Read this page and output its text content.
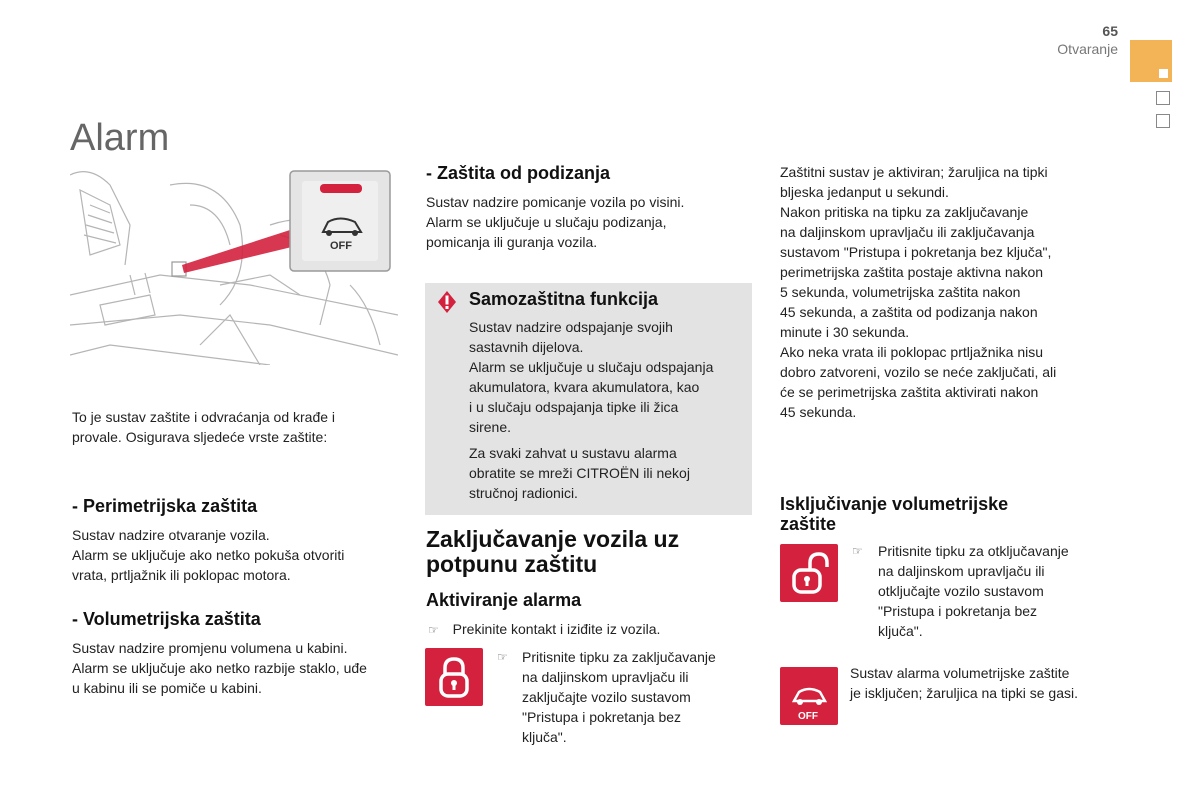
65
Otvaranje
Alarm
OFF
To je sustav zaštite i odvraćanja od krađe i
provale. Osigurava sljedeće vrste zaštite:
- Perimetrijska zaštita
Sustav nadzire otvaranje vozila.
Alarm se uključuje ako netko pokuša otvoriti
vrata, prtljažnik ili poklopac motora.
- Volumetrijska zaštita
Sustav nadzire promjenu volumena u kabini.
Alarm se uključuje ako netko razbije staklo, uđe
u kabinu ili se pomiče u kabini.
- Zaštita od podizanja
Sustav nadzire pomicanje vozila po visini.
Alarm se uključuje u slučaju podizanja,
pomicanja ili guranja vozila.
Samozaštitna funkcija
Sustav nadzire odspajanje svojih
sastavnih dijelova.
Alarm se uključuje u slučaju odspajanja
akumulatora, kvara akumulatora, kao
i u slučaju odspajanja tipke ili žica
sirene.
Za svaki zahvat u sustavu alarma
obratite se mreži CITROËN ili nekoj
stručnoj radionici.
Zaključavanje vozila uz
potpunu zaštitu
Aktiviranje alarma
☞ Prekinite kontakt i iziđite iz vozila.
☞ Pritisnite tipku za zaključavanje
na daljinskom upravljaču ili
zaključajte vozilo sustavom
"Pristupa i pokretanja bez
ključa".
Zaštitni sustav je aktiviran; žaruljica na tipki
bljeska jedanput u sekundi.
Nakon pritiska na tipku za zaključavanje
na daljinskom upravljaču ili zaključavanja
sustavom "Pristupa i pokretanja bez ključa",
perimetrijska zaštita postaje aktivna nakon
5 sekunda, volumetrijska zaštita nakon
45 sekunda, a zaštita od podizanja nakon
minute i 30 sekunda.
Ako neka vrata ili poklopac prtljažnika nisu
dobro zatvoreni, vozilo se neće zaključati, ali
će se perimetrijska zaštita aktivirati nakon
45 sekunda.
Isključivanje volumetrijske
zaštite
☞ Pritisnite tipku za otključavanje
na daljinskom upravljaču ili
otključajte vozilo sustavom
"Pristupa i pokretanja bez
ključa".
OFF
Sustav alarma volumetrijske zaštite
je isključen; žaruljica na tipki se gasi.
